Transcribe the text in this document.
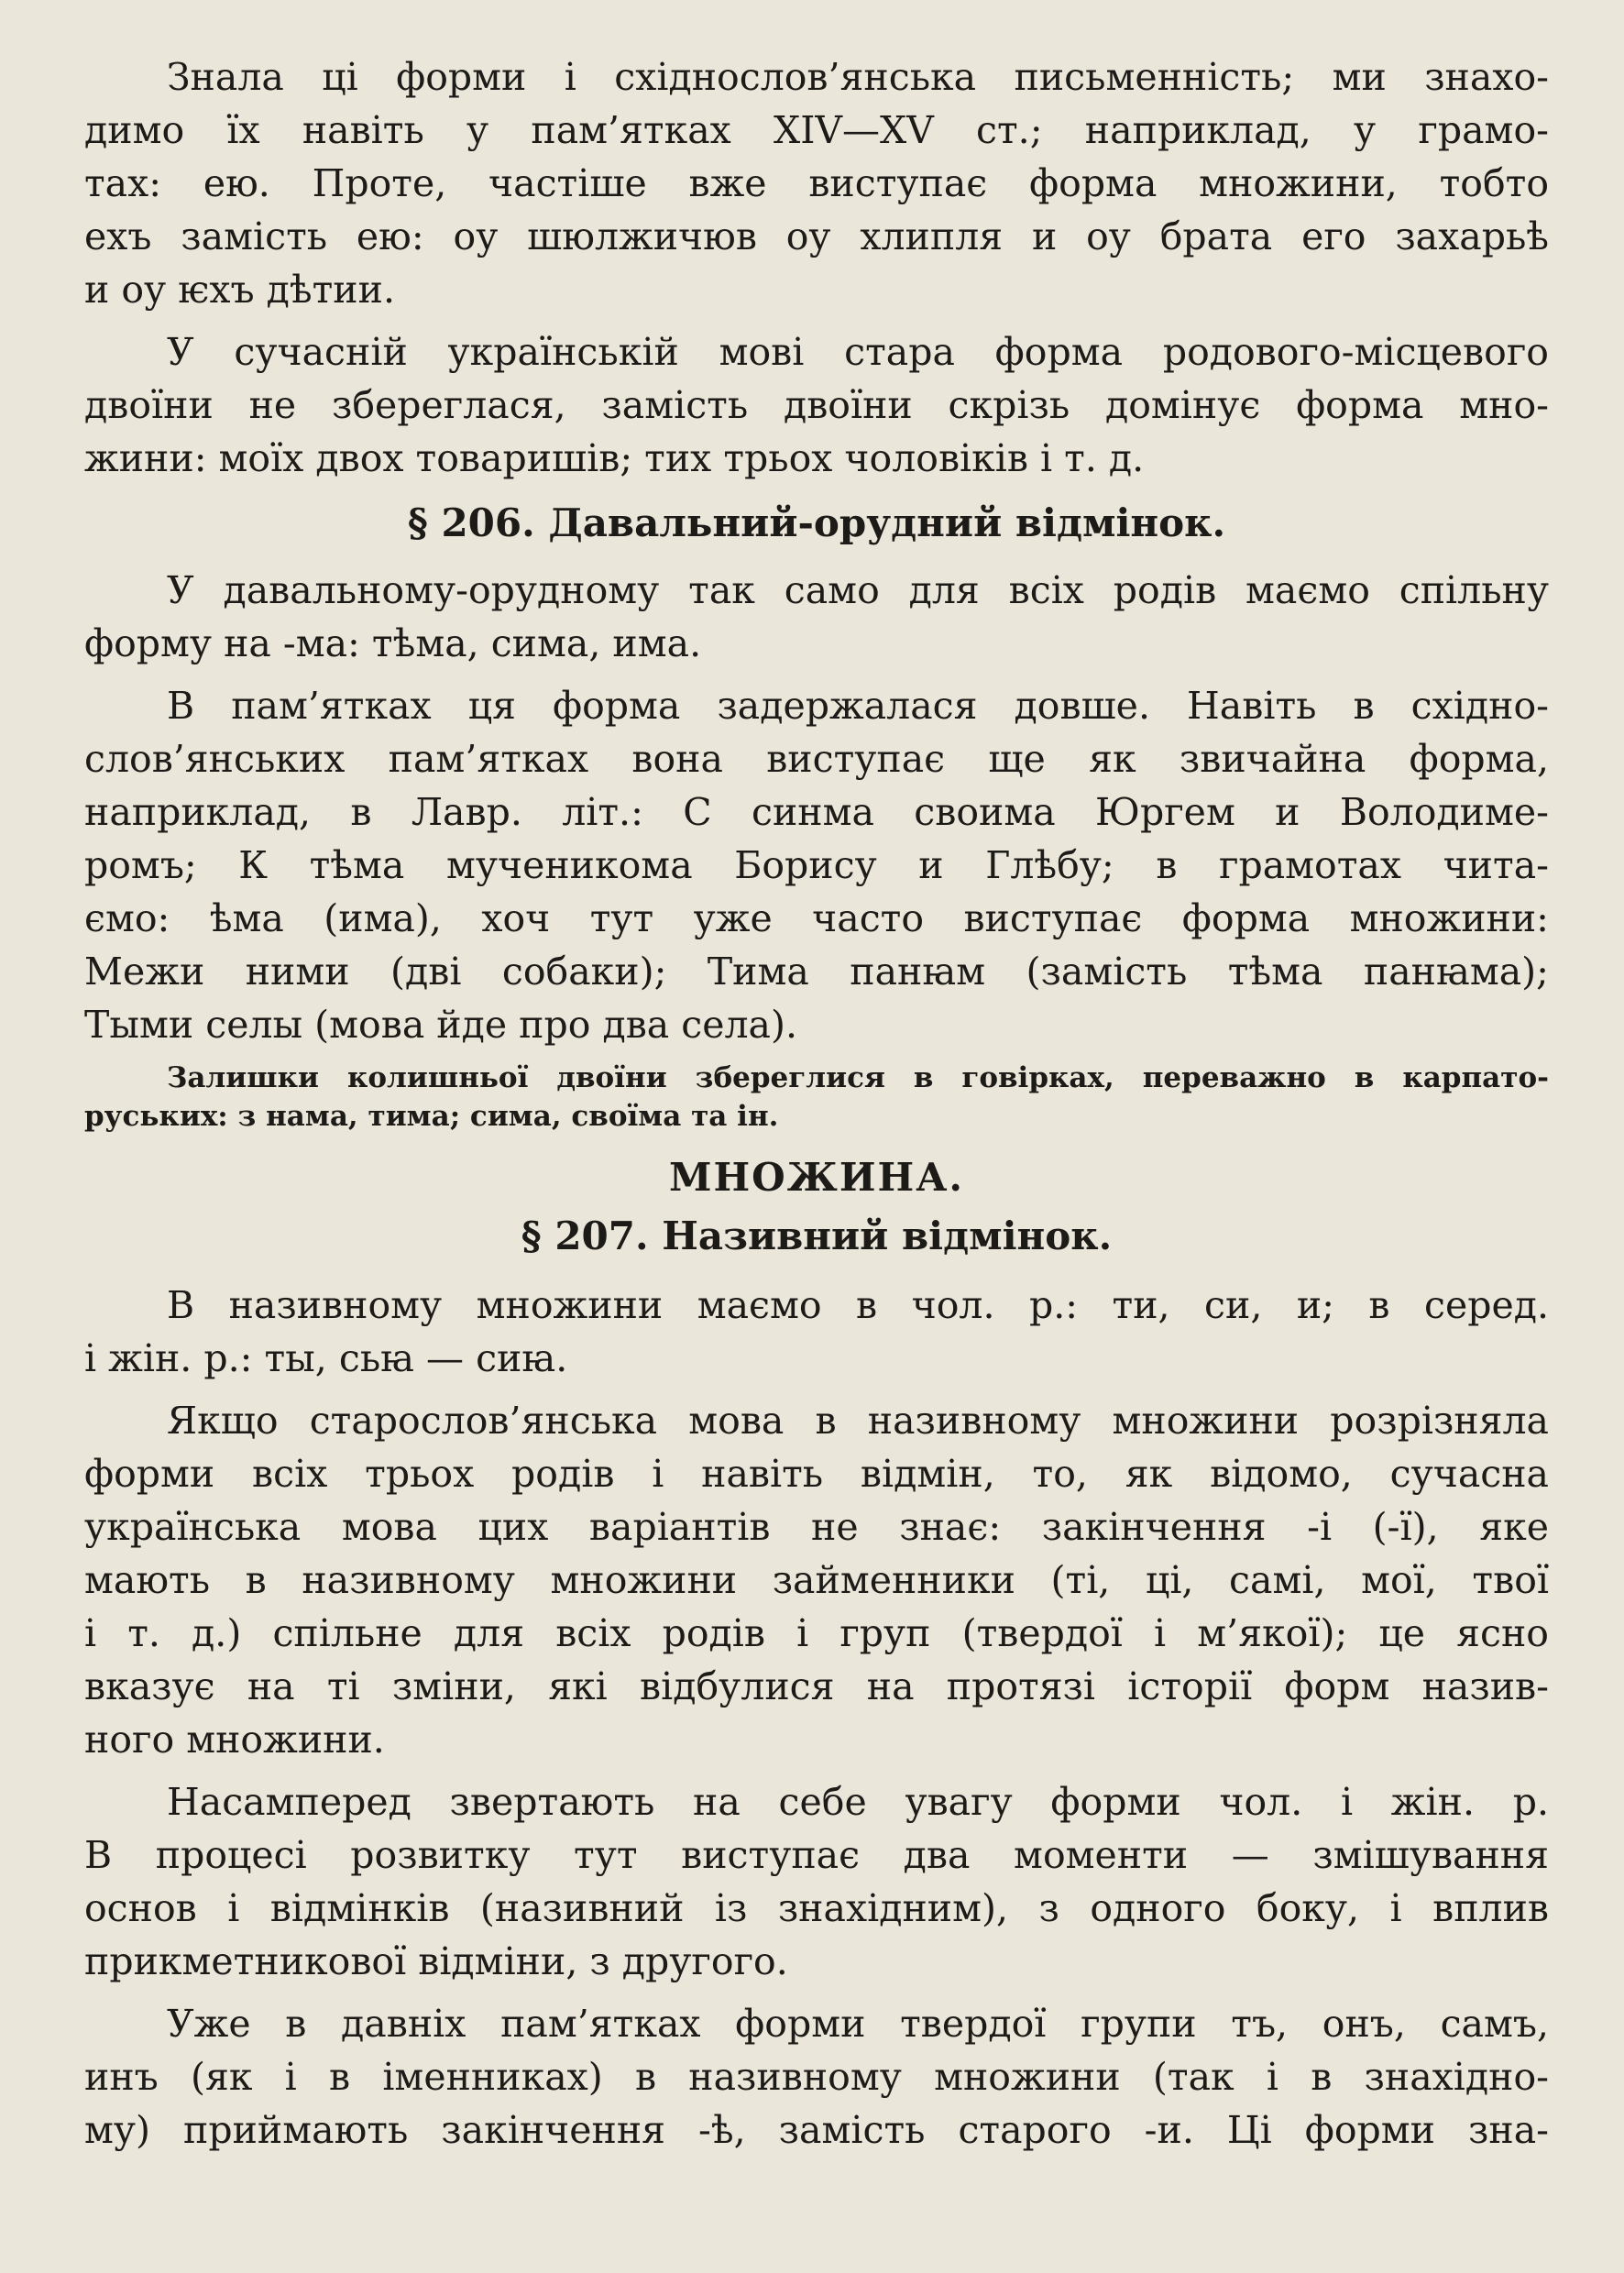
Знала ці форми і східнослов’янська письменність; ми знахо-
димо їх навіть у пам’ятках XIV—XV ст.; наприклад, у грамо-
тах: ею. Проте, частіше вже виступає форма множини, тобто
ехъ замість ею: оу шюлжичюв оу хлипля и оу брата его захарьѣ
и оу ѥхъ дѣтии.
У сучасній українській мові стара форма родового-місцевого
двоїни не збереглася, замість двоїни скрізь домінує форма мно-
жини: моїх двох товаришів; тих трьох чоловіків і т. д.
§ 206. Давальний-орудний відмінок.
У давальному-орудному так само для всіх родів маємо спільну
форму на -ма: тѣма, сима, има.
В пам’ятках ця форма задержалася довше. Навіть в східно-
слов’янських пам’ятках вона виступає ще як звичайна форма,
наприклад, в Лавр. літ.: С синма своима Юргем и Володиме-
ромъ; К тѣма мученикома Борису и Глѣбу; в грамотах чита-
ємо: ѣма (има), хоч тут уже часто виступає форма множини:
Межи ними (дві собаки); Тима панꙗм (замість тѣма панꙗма);
Тыми селы (мова йде про два села).
Залишки колишньої двоїни збереглися в говірках, переважно в карпато-
руських: з нама, тима; сима, своїма та ін.
МНОЖИНА.
§ 207. Називний відмінок.
В називному множини маємо в чол. р.: ти, си, и; в серед.
і жін. р.: ты, сьꙗ — сиꙗ.
Якщо старослов’янська мова в називному множини розрізняла
форми всіх трьох родів і навіть відмін, то, як відомо, сучасна
українська мова цих варіантів не знає: закінчення -і (-ї), яке
мають в називному множини займенники (ті, ці, самі, мої, твої
і т. д.) спільне для всіх родів і груп (твердої і м’якої); це ясно
вказує на ті зміни, які відбулися на протязі історії форм назив-
ного множини.
Насамперед звертають на себе увагу форми чол. і жін. р.
В процесі розвитку тут виступає два моменти — змішування
основ і відмінків (називний із знахідним), з одного боку, і вплив
прикметникової відміни, з другого.
Уже в давніх пам’ятках форми твердої групи тъ, онъ, самъ,
инъ (як і в іменниках) в називному множини (так і в знахідно-
му) приймають закінчення -ѣ, замість старого -и. Ці форми зна-
